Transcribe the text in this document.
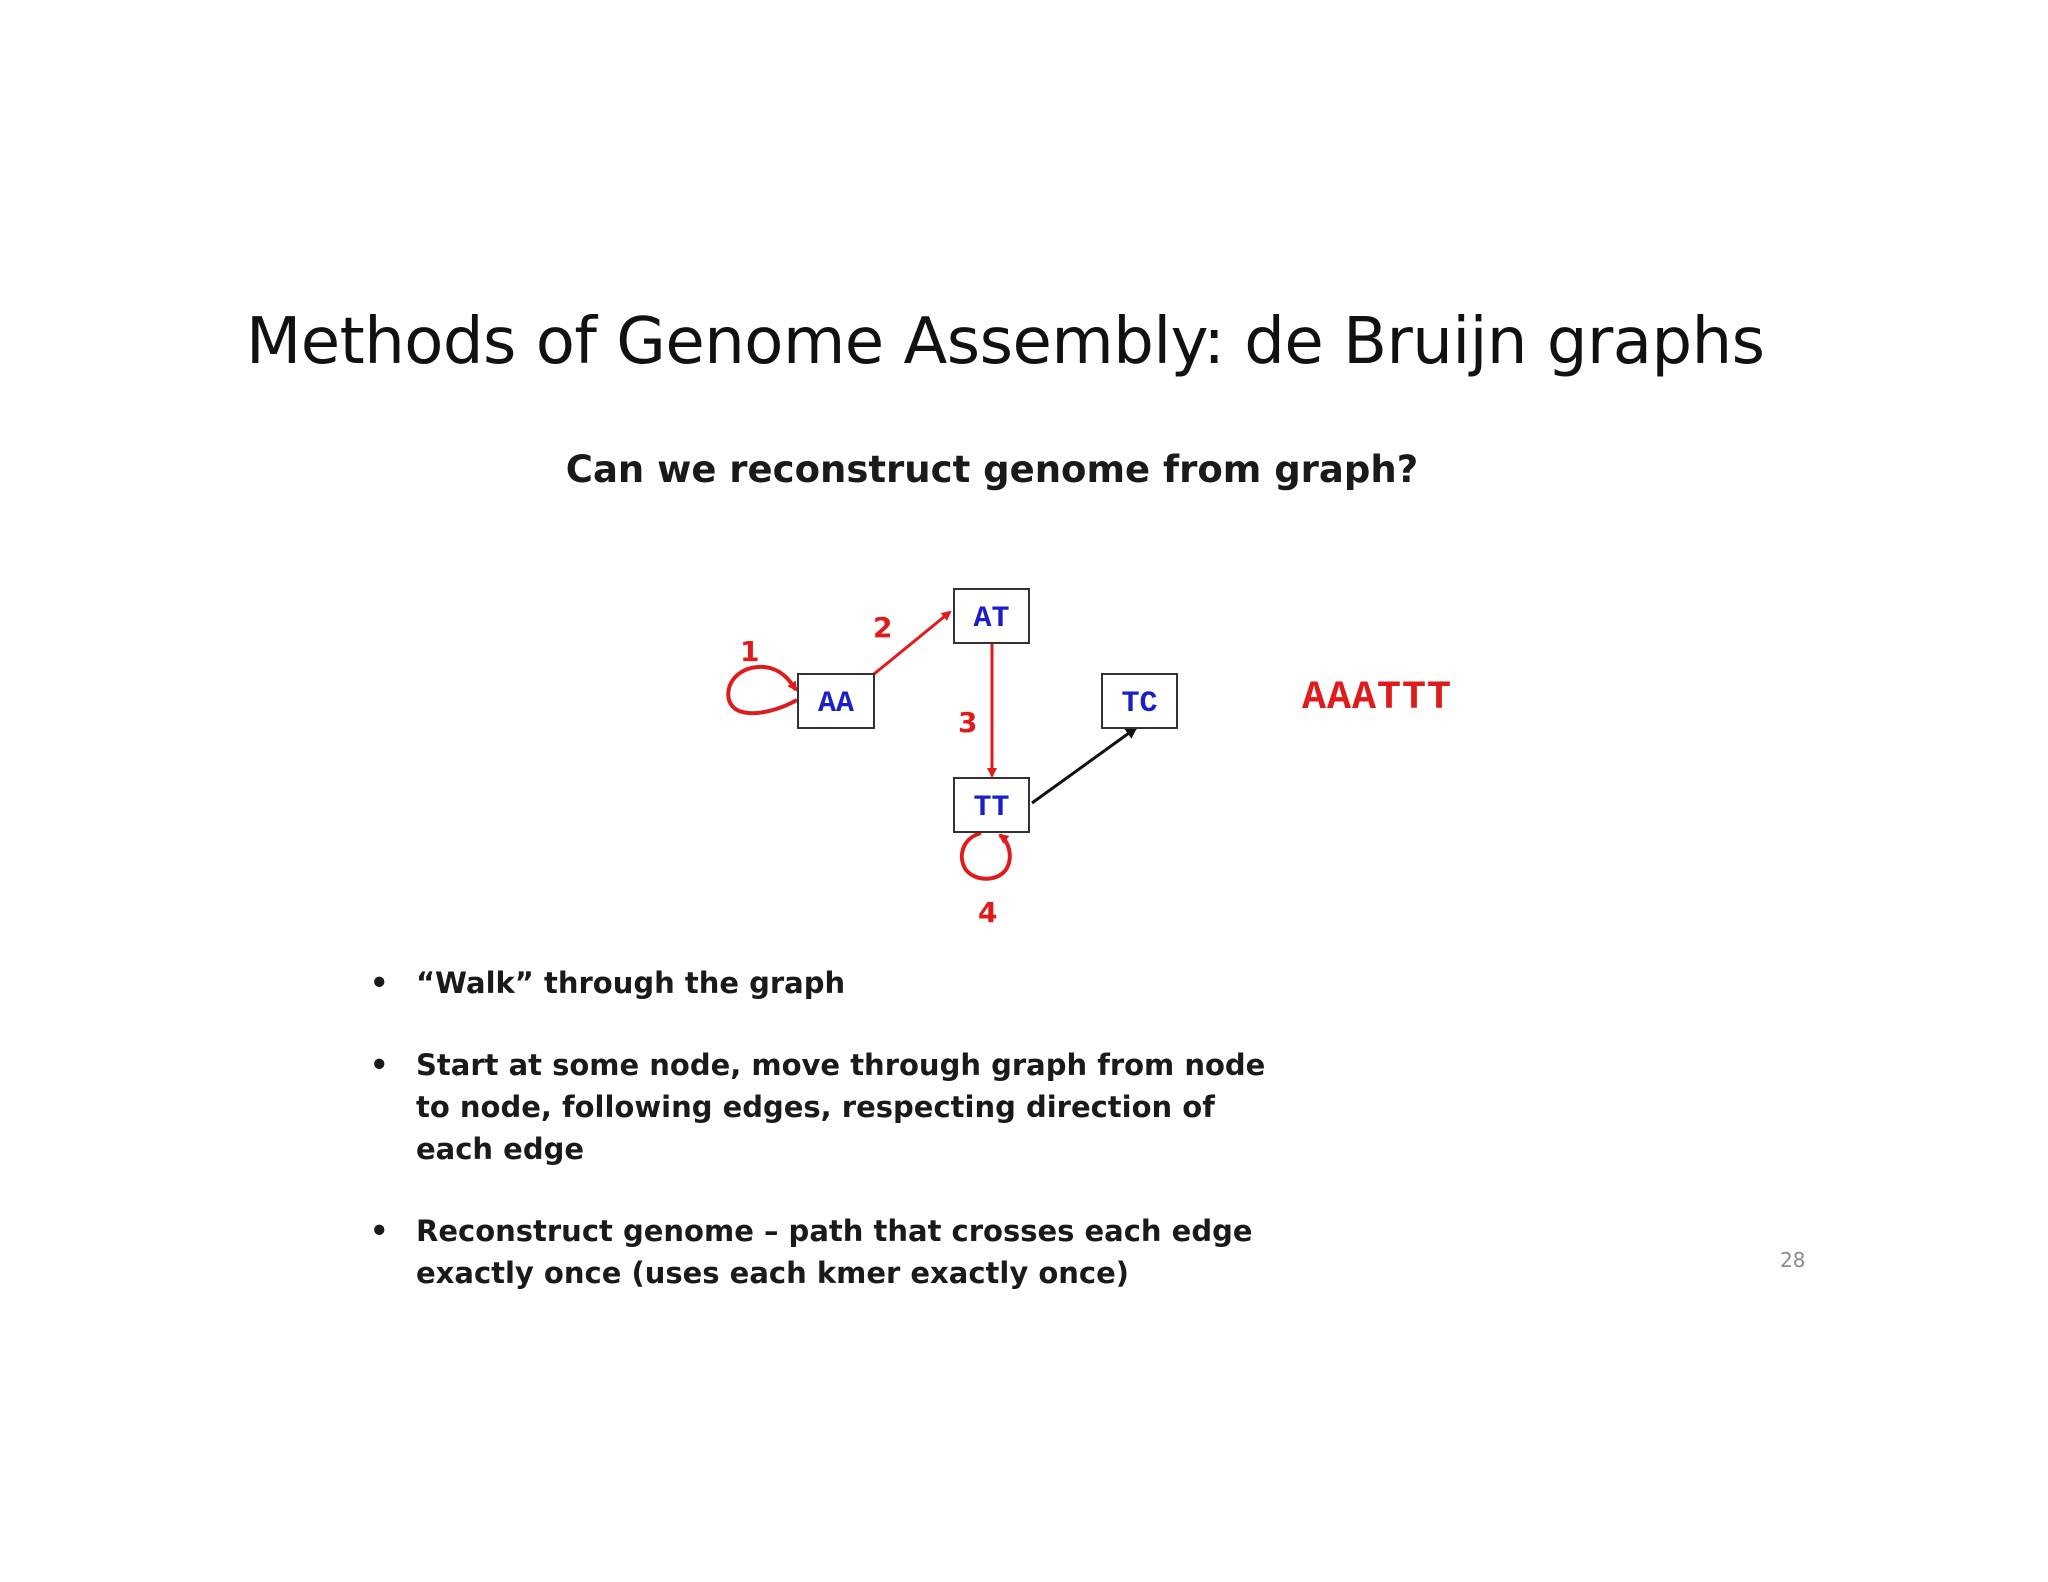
Methods of Genome Assembly: de Bruijn graphs
Can we reconstruct genome from graph?
1
2
3
4
AT
AA	TC
TT
AAATTT
• “Walk” through the graph
• Start at some node, move through graph from node to node, following edges, respecting direction of each edge
• Reconstruct genome – path that crosses each edge exactly once (uses each kmer exactly once)	28
